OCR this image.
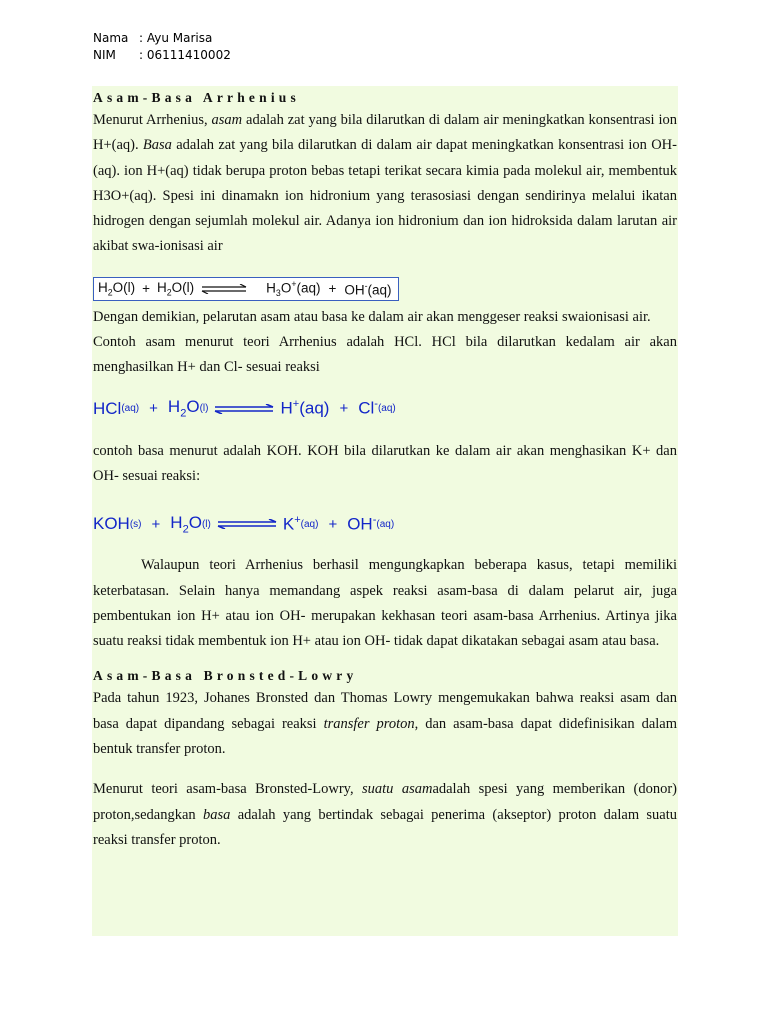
Nama : Ayu Marisa
NIM	: 06111410002
Asam-Basa Arrhenius

Menurut Arrhenius, asam adalah zat yang bila dilarutkan di dalam air meningkatkan konsentrasi ion H+(aq). Basa adalah zat yang bila dilarutkan di dalam air dapat meningkatkan konsentrasi ion OH-(aq). ion H+(aq) tidak berupa proton bebas tetapi terikat secara kimia pada molekul air, membentuk H3O+(aq). Spesi ini dinamakn ion hidronium yang terasosiasi dengan sendirinya melalui ikatan hidrogen dengan sejumlah molekul air. Adanya ion hidronium dan ion hidroksida dalam larutan air akibat swa-ionisasi air

$H_2O(l) + H_2O(l)$ ⇌ $H_3O^+(aq) + OH^-(aq)$

Dengan demikian, pelarutan asam atau basa ke dalam air akan menggeser reaksi swaionisasi air.

Contoh asam menurut teori Arrhenius adalah HCl. HCl bila dilarutkan kedalam air akan menghasilkan H+ dan Cl- sesuai reaksi

HCl $(aq) + H_2O$ (l) ⇌ H+(aq) + Cl- (aq)

contoh basa menurut adalah KOH. KOH bila dilarutkan ke dalam air akan menghasikan K+ dan OH- sesuai reaksi:

KOH $(s) + H_2O$ (l) ⇌ K+ (aq) + OH- (aq)

Walaupun teori Arrhenius berhasil mengungkapkan beberapa kasus, tetapi memiliki keterbatasan. Selain hanya memandang aspek reaksi asam-basa di dalam pelarut air, juga pembentukan ion H+ atau ion OH- merupakan kekhasan teori asam-basa Arrhenius. Artinya jika suatu reaksi tidak membentuk ion H+ atau ion OH- tidak dapat dikatakan sebagai asam atau basa.

Asam-Basa Bronsted-Lowry

Pada tahun 1923, Johanes Bronsted dan Thomas Lowry mengemukakan bahwa reaksi asam dan basa dapat dipandang sebagai reaksi transfer proton, dan asam-basa dapat didefinisikan dalam bentuk transfer proton.

Menurut teori asam-basa Bronsted-Lowry, suatu asamadalah spesi yang memberikan (donor) proton,sedangkan basa adalah yang bertindak sebagai penerima (akseptor) proton dalam suatu reaksi transfer proton.
